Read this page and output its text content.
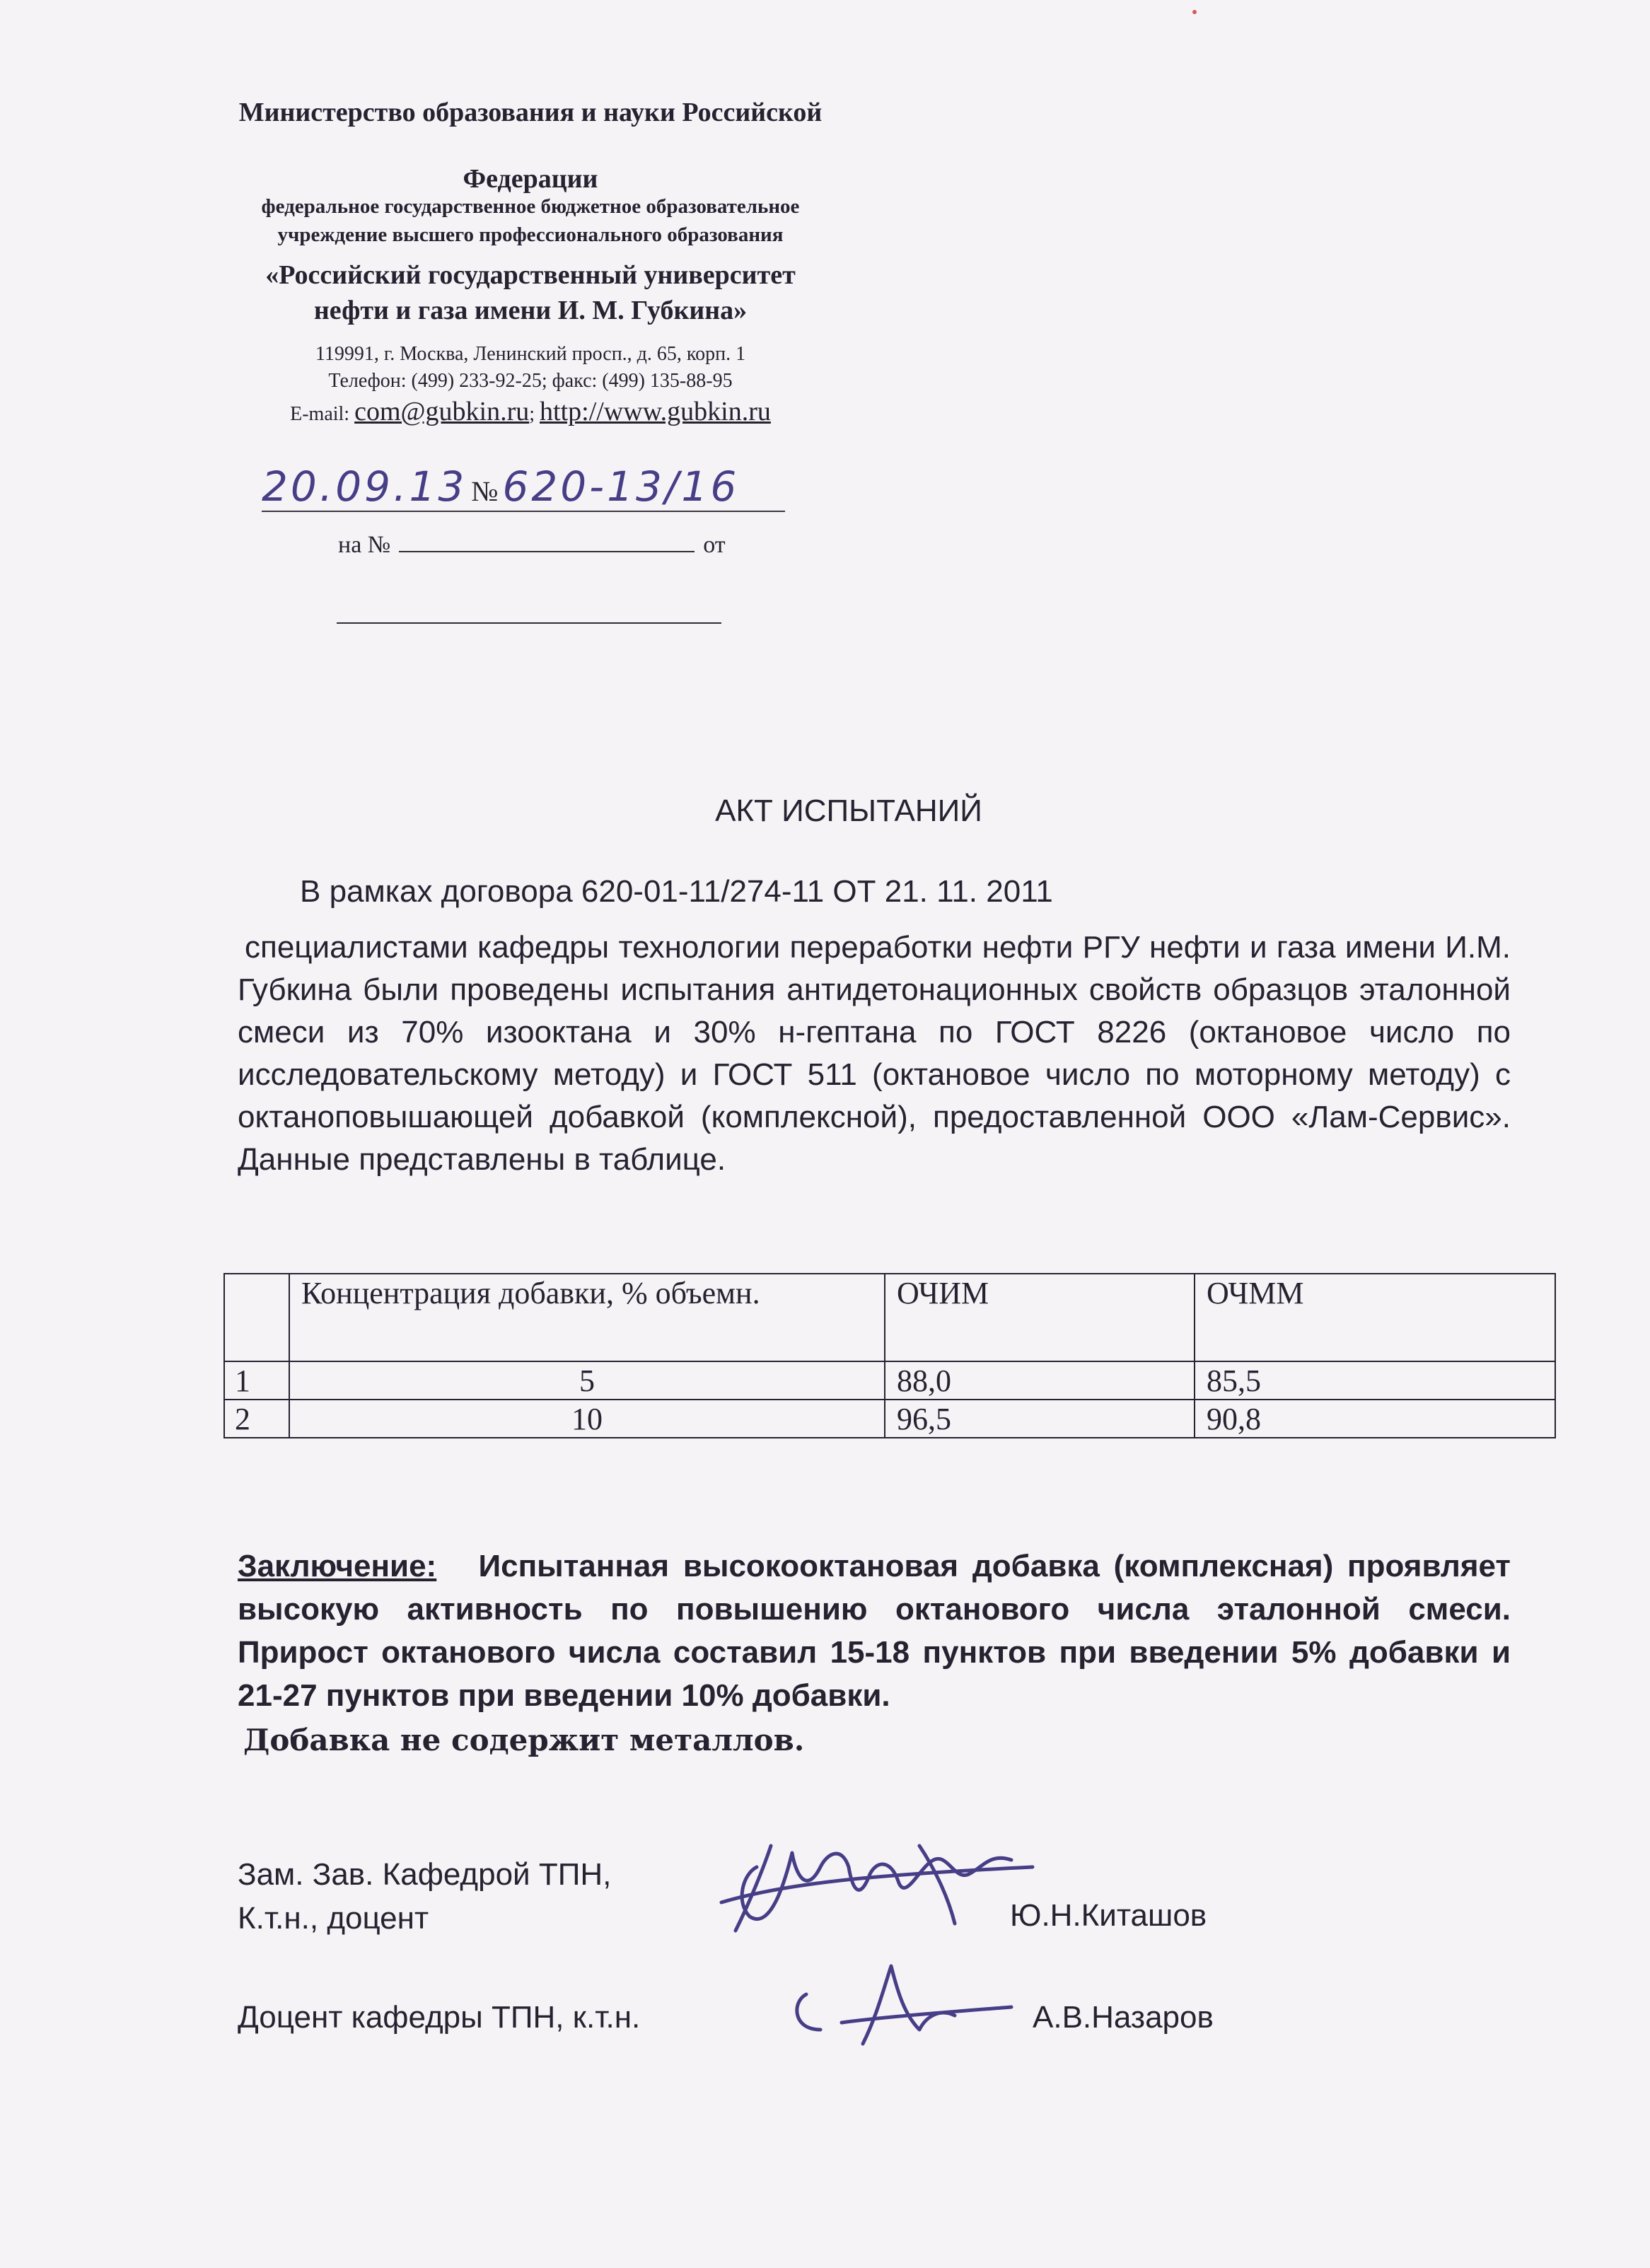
Министерство образования и науки Российской
Федерации
федеральное государственное бюджетное образовательное
учреждение высшего профессионального образования
«Российский государственный университет
нефти и газа имени И. М. Губкина»
119991, г. Москва, Ленинский просп., д. 65, корп. 1
Телефон: (499) 233-92-25; факс: (499) 135-88-95
E-mail: com@gubkin.ru; http://www.gubkin.ru
20.09.13 № 620-13/16
на №	от
АКТ ИСПЫТАНИЙ
В рамках договора 620-01-11/274-11 ОТ 21. 11. 2011

специалистами кафедры технологии переработки нефти РГУ нефти и газа имени И.М. Губкина были проведены испытания антидетонационных свойств образцов эталонной смеси из 70% изооктана и 30% н-гептана по ГОСТ 8226 (октановое число по исследовательскому методу) и ГОСТ 511 (октановое число по моторному методу) с октаноповышающей добавкой (комплексной), предоставленной ООО «Лам-Сервис». Данные представлены в таблице.

	Концентрация добавки, % объемн.	ОЧИМ	ОЧММ
1	5	88,0	85,5
2	10	96,5	90,8

Заключение: Испытанная высокооктановая добавка (комплексная) проявляет высокую активность по повышению октанового числа эталонной смеси. Прирост октанового числа составил 15-18 пунктов при введении 5% добавки и 21-27 пунктов при введении 10% добавки.

Добавка не содержит металлов.
Зам. Зав. Кафедрой ТПН,
К.т.н., доцент	Ю.Н.Киташов
Доцент кафедры ТПН, к.т.н.	А.В.Назаров
